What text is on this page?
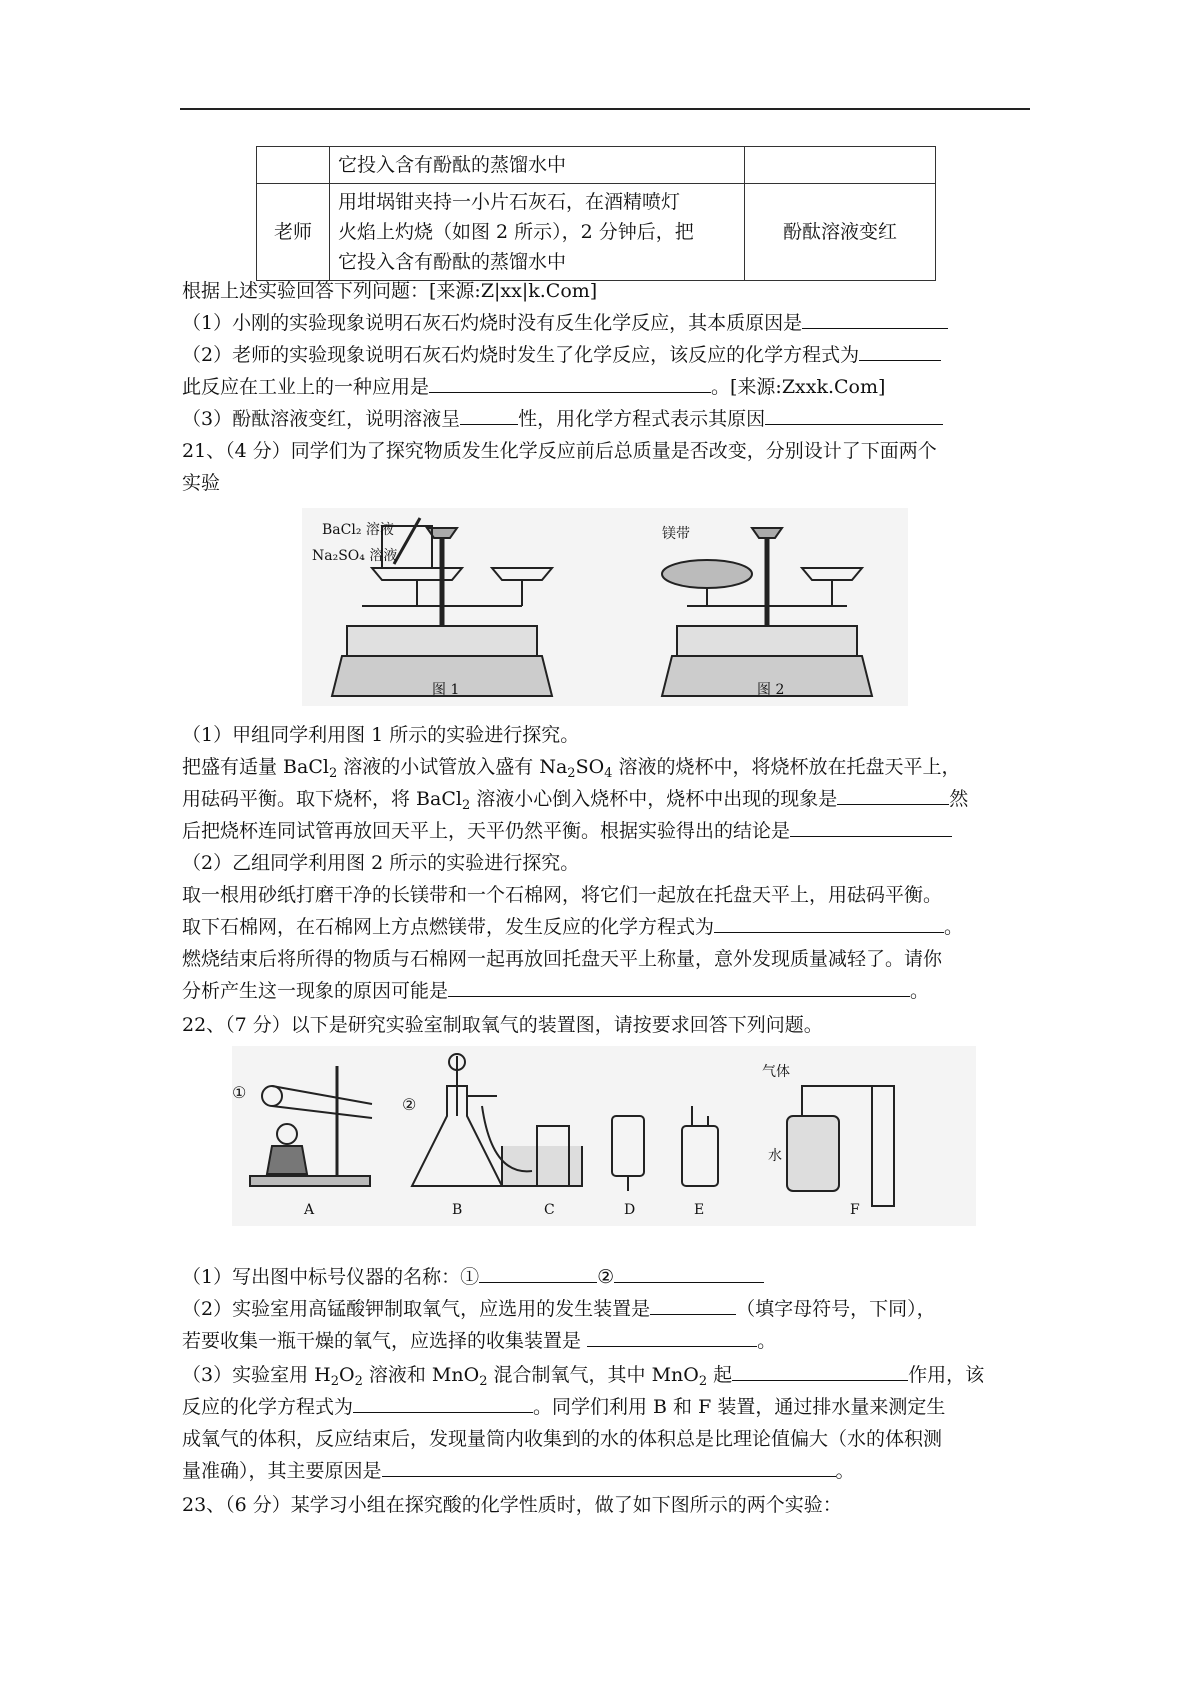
	它投入含有酚酞的蒸馏水中	
老师	用坩埚钳夹持一小片石灰石，在酒精喷灯
火焰上灼烧（如图 2 所示），2 分钟后，把
它投入含有酚酞的蒸馏水中	酚酞溶液变红
根据上述实验回答下列问题：[来源:Z|xx|k.Com]
（1）小刚的实验现象说明石灰石灼烧时没有反生化学反应，其本质原因是
（2）老师的实验现象说明石灰石灼烧时发生了化学反应，该反应的化学方程式为
此反应在工业上的一种应用是	。[来源:Zxxk.Com]
（3）酚酞溶液变红，说明溶液呈	性，用化学方程式表示其原因
21、（4 分）同学们为了探究物质发生化学反应前后总质量是否改变，分别设计了下面两个
实验
BaCl₂ 溶液
Na₂SO₄ 溶液
图 1
镁带
图 2
（1）甲组同学利用图 1 所示的实验进行探究。
把盛有适量 BaCl$_2$ 溶液的小试管放入盛有 $Na_2SO_4$ 溶液的烧杯中，将烧杯放在托盘天平上，
用砝码平衡。取下烧杯，将 BaCl$_2$ 溶液小心倒入烧杯中，烧杯中出现的现象是	然
后把烧杯连同试管再放回天平上，天平仍然平衡。根据实验得出的结论是
（2）乙组同学利用图 2 所示的实验进行探究。
取一根用砂纸打磨干净的长镁带和一个石棉网，将它们一起放在托盘天平上，用砝码平衡。
取下石棉网，在石棉网上方点燃镁带，发生反应的化学方程式为	。
燃烧结束后将所得的物质与石棉网一起再放回托盘天平上称量，意外发现质量减轻了。请你
分析产生这一现象的原因可能是	。
22、（7 分）以下是研究实验室制取氧气的装置图，请按要求回答下列问题。
①
②
气体
水
A	B	C	D	E	F
（1）写出图中标号仪器的名称：①	②
（2）实验室用高锰酸钾制取氧气，应选用的发生装置是	（填字母符号，下同），
若要收集一瓶干燥的氧气，应选择的收集装置是	。
（3）实验室用 $H_2O_2$ 溶液和 MnO$_2$ 混合制氧气，其中 MnO$_2$ 起	作用，该
反应的化学方程式为	。同学们利用 B 和 F 装置，通过排水量来测定生
成氧气的体积，反应结束后，发现量筒内收集到的水的体积总是比理论值偏大（水的体积测
量准确），其主要原因是	。
23、（6 分）某学习小组在探究酸的化学性质时，做了如下图所示的两个实验：
